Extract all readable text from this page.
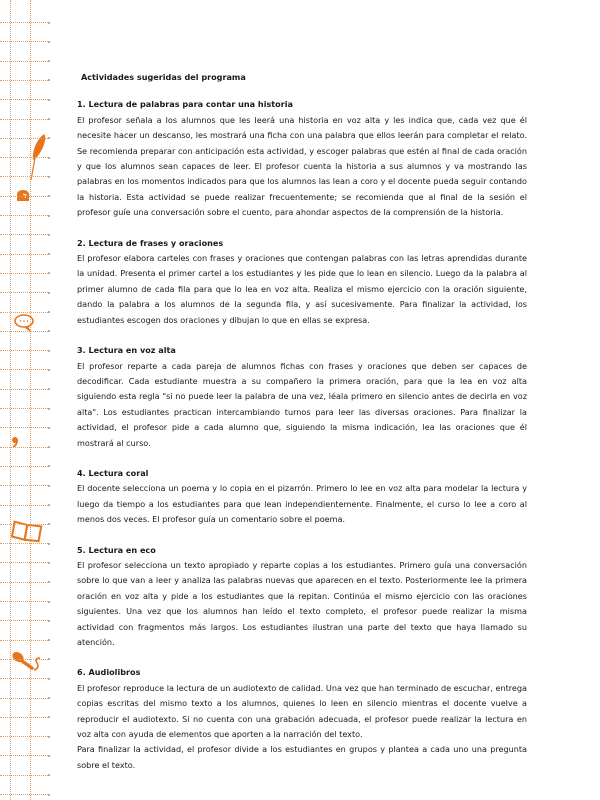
Actividades sugeridas del programa
1. Lectura de palabras para contar una historia

El profesor señala a los alumnos que les leerá una historia en voz alta y les indica que, cada vez que él necesite hacer un descanso, les mostrará una ficha con una palabra que ellos leerán para completar el relato. Se recomienda preparar con anticipación esta actividad, y escoger palabras que estén al final de cada oración y que los alumnos sean capaces de leer. El profesor cuenta la historia a sus alumnos y va mostrando las palabras en los momentos indicados para que los alumnos las lean a coro y el docente pueda seguir contando la historia. Esta actividad se puede realizar frecuentemente; se recomienda que al final de la sesión el profesor guíe una conversación sobre el cuento, para ahondar aspectos de la comprensión de la historia.

2. Lectura de frases y oraciones

El profesor elabora carteles con frases y oraciones que contengan palabras con las letras aprendidas durante la unidad. Presenta el primer cartel a los estudiantes y les pide que lo lean en silencio. Luego da la palabra al primer alumno de cada fila para que lo lea en voz alta. Realiza el mismo ejercicio con la oración siguiente, dando la palabra a los alumnos de la segunda fila, y así sucesivamente. Para finalizar la actividad, los estudiantes escogen dos oraciones y dibujan lo que en ellas se expresa.

3. Lectura en voz alta

El profesor reparte a cada pareja de alumnos fichas con frases y oraciones que deben ser capaces de decodificar. Cada estudiante muestra a su compañero la primera oración, para que la lea en voz alta siguiendo esta regla "si no puede leer la palabra de una vez, léala primero en silencio antes de decirla en voz alta". Los estudiantes practican intercambiando turnos para leer las diversas oraciones. Para finalizar la actividad, el profesor pide a cada alumno que, siguiendo la misma indicación, lea las oraciones que él mostrará al curso.

4. Lectura coral

El docente selecciona un poema y lo copia en el pizarrón. Primero lo lee en voz alta para modelar la lectura y luego da tiempo a los estudiantes para que lean independientemente. Finalmente, el curso lo lee a coro al menos dos veces. El profesor guía un comentario sobre el poema.

5. Lectura en eco

El profesor selecciona un texto apropiado y reparte copias a los estudiantes. Primero guía una conversación sobre lo que van a leer y analiza las palabras nuevas que aparecen en el texto. Posteriormente lee la primera oración en voz alta y pide a los estudiantes que la repitan. Continúa el mismo ejercicio con las oraciones siguientes. Una vez que los alumnos han leído el texto completo, el profesor puede realizar la misma actividad con fragmentos más largos. Los estudiantes ilustran una parte del texto que haya llamado su atención.

6. Audiolibros

El profesor reproduce la lectura de un audiotexto de calidad. Una vez que han terminado de escuchar, entrega copias escritas del mismo texto a los alumnos, quienes lo leen en silencio mientras el docente vuelve a reproducir el audiotexto. Si no cuenta con una grabación adecuada, el profesor puede realizar la lectura en voz alta con ayuda de elementos que aporten a la narración del texto.

Para finalizar la actividad, el profesor divide a los estudiantes en grupos y plantea a cada uno una pregunta sobre el texto.
